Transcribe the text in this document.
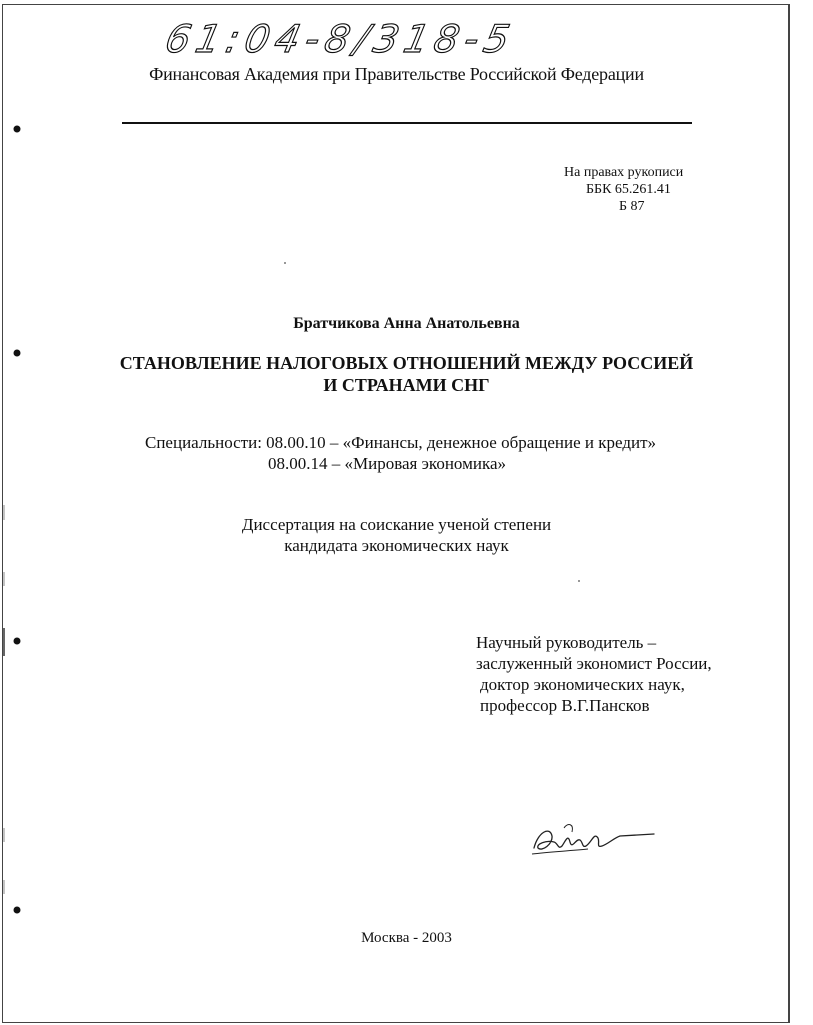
61:04-8/318-5
Финансовая Академия при Правительстве Российской Федерации
На правах рукописи
ББК 65.261.41
Б 87
Братчикова Анна Анатольевна
СТАНОВЛЕНИЕ НАЛОГОВЫХ ОТНОШЕНИЙ МЕЖДУ РОССИЕЙ
И СТРАНАМИ СНГ
Специальности: 08.00.10 – «Финансы, денежное обращение и кредит»
08.00.14 – «Мировая экономика»
Диссертация на соискание ученой степени
кандидата экономических наук
Научный руководитель –
заслуженный экономист России,
доктор экономических наук,
профессор В.Г.Пансков
Москва - 2003
